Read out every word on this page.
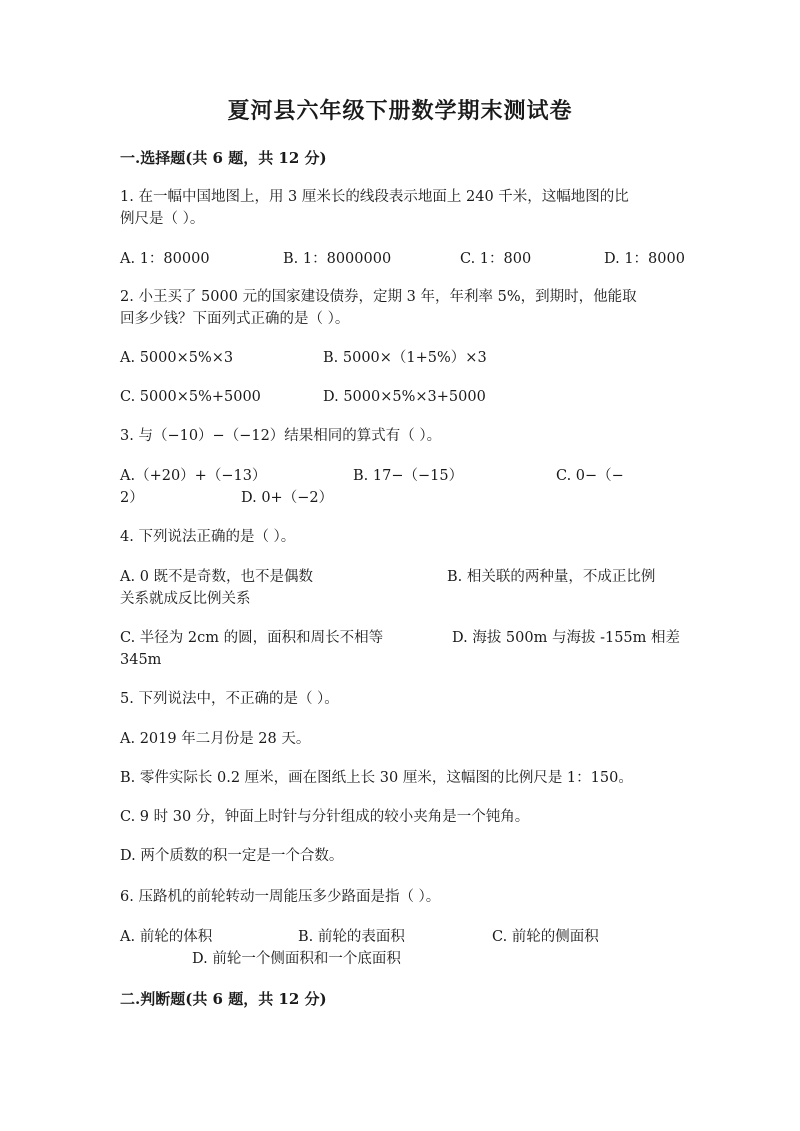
夏河县六年级下册数学期末测试卷
一.选择题(共 6 题，共 12 分)
1. 在一幅中国地图上，用 3 厘米长的线段表示地面上 240 千米，这幅地图的比
例尺是（ ）。
A. 1：80000	B. 1：8000000	C. 1：800	D. 1：8000
2. 小王买了 5000 元的国家建设债券，定期 3 年，年利率 5%，到期时，他能取
回多少钱？下面列式正确的是（ ）。
A. 5000×5%×3	B. 5000×（1+5%）×3
C. 5000×5%+5000	D. 5000×5%×3+5000
3. 与（−10）−（−12）结果相同的算式有（ ）。
A.（+20）+（−13）	B. 17−（−15）	C. 0−（−
2）	D. 0+（−2）
4. 下列说法正确的是（ ）。
A. 0 既不是奇数，也不是偶数	B. 相关联的两种量，不成正比例
关系就成反比例关系
C. 半径为 2cm 的圆，面积和周长不相等	D. 海拔 500m 与海拔 -155m 相差
345m
5. 下列说法中，不正确的是（ ）。
A. 2019 年二月份是 28 天。
B. 零件实际长 0.2 厘米，画在图纸上长 30 厘米，这幅图的比例尺是 1：150。
C. 9 时 30 分，钟面上时针与分针组成的较小夹角是一个钝角。
D. 两个质数的积一定是一个合数。
6. 压路机的前轮转动一周能压多少路面是指（ ）。
A. 前轮的体积	B. 前轮的表面积	C. 前轮的侧面积
D. 前轮一个侧面积和一个底面积
二.判断题(共 6 题，共 12 分)
